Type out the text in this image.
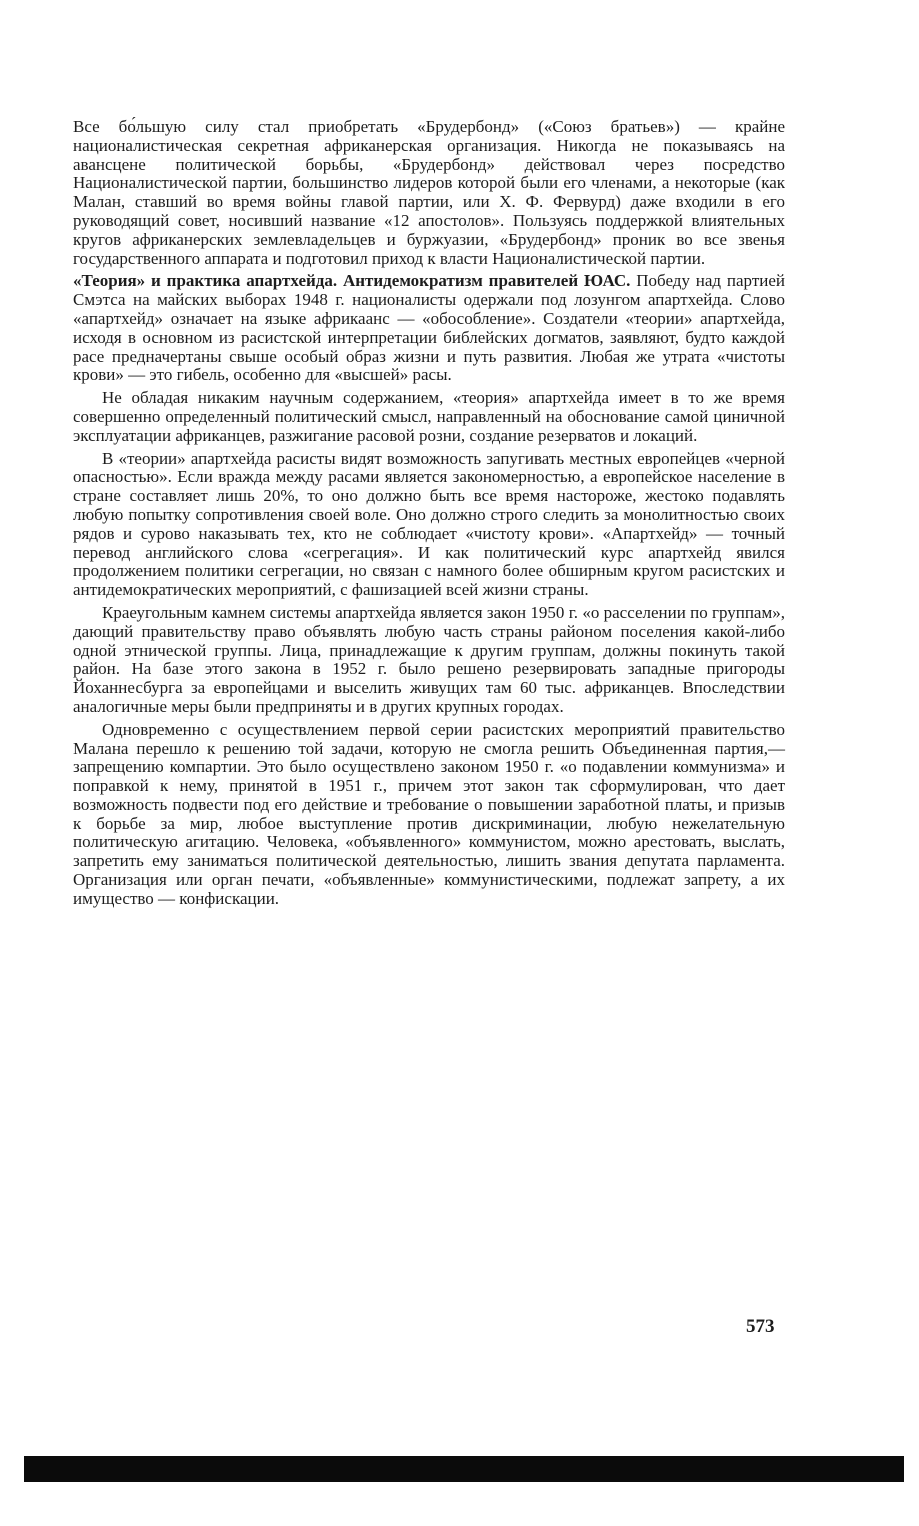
Все бо́льшую силу стал приобретать «Брудербонд» («Союз братьев») — крайне националистическая секретная африканерская организация. Никогда не показываясь на авансцене политической борьбы, «Брудербонд» действовал через посредство Националистической партии, большинство лидеров которой были его членами, а некоторые (как Малан, ставший во время войны главой партии, или Х. Ф. Фервурд) даже входили в его руководящий совет, носивший название «12 апостолов». Пользуясь поддержкой влиятельных кругов африканерских землевладельцев и буржуазии, «Брудербонд» проник во все звенья государственного аппарата и подготовил приход к власти Националистической партии.

«Теория» и практика апартхейда. Антидемократизм правителей ЮАС. Победу над партией Смэтса на майских выборах 1948 г. националисты одержали под лозунгом апартхейда. Слово «апартхейд» означает на языке африкаанс — «обособление». Создатели «теории» апартхейда, исходя в основном из расистской интерпретации библейских догматов, заявляют, будто каждой расе предначертаны свыше особый образ жизни и путь развития. Любая же утрата «чистоты крови» — это гибель, особенно для «высшей» расы.

Не обладая никаким научным содержанием, «теория» апартхейда имеет в то же время совершенно определенный политический смысл, направленный на обоснование самой циничной эксплуатации африканцев, разжигание расовой розни, создание резерватов и локаций.

В «теории» апартхейда расисты видят возможность запугивать местных европейцев «черной опасностью». Если вражда между расами является закономерностью, а европейское население в стране составляет лишь 20%, то оно должно быть все время настороже, жестоко подавлять любую попытку сопротивления своей воле. Оно должно строго следить за монолитностью своих рядов и сурово наказывать тех, кто не соблюдает «чистоту крови». «Апартхейд» — точный перевод английского слова «сегрегация». И как политический курс апартхейд явился продолжением политики сегрегации, но связан с намного более обширным кругом расистских и антидемократических мероприятий, с фашизацией всей жизни страны.

Краеугольным камнем системы апартхейда является закон 1950 г. «о расселении по группам», дающий правительству право объявлять любую часть страны районом поселения какой-либо одной этнической группы. Лица, принадлежащие к другим группам, должны покинуть такой район. На базе этого закона в 1952 г. было решено резервировать западные пригороды Йоханнесбурга за европейцами и выселить живущих там 60 тыс. африканцев. Впоследствии аналогичные меры были предприняты и в других крупных городах.

Одновременно с осуществлением первой серии расистских мероприятий правительство Малана перешло к решению той задачи, которую не смогла решить Объединенная партия,— запрещению компартии. Это было осуществлено законом 1950 г. «о подавлении коммунизма» и поправкой к нему, принятой в 1951 г., причем этот закон так сформулирован, что дает возможность подвести под его действие и требование о повышении заработной платы, и призыв к борьбе за мир, любое выступление против дискриминации, любую нежелательную политическую агитацию. Человека, «объявленного» коммунистом, можно арестовать, выслать, запретить ему заниматься политической деятельностью, лишить звания депутата парламента. Организация или орган печати, «объявленные» коммунистическими, подлежат запрету, а их имущество — конфискации.

573
